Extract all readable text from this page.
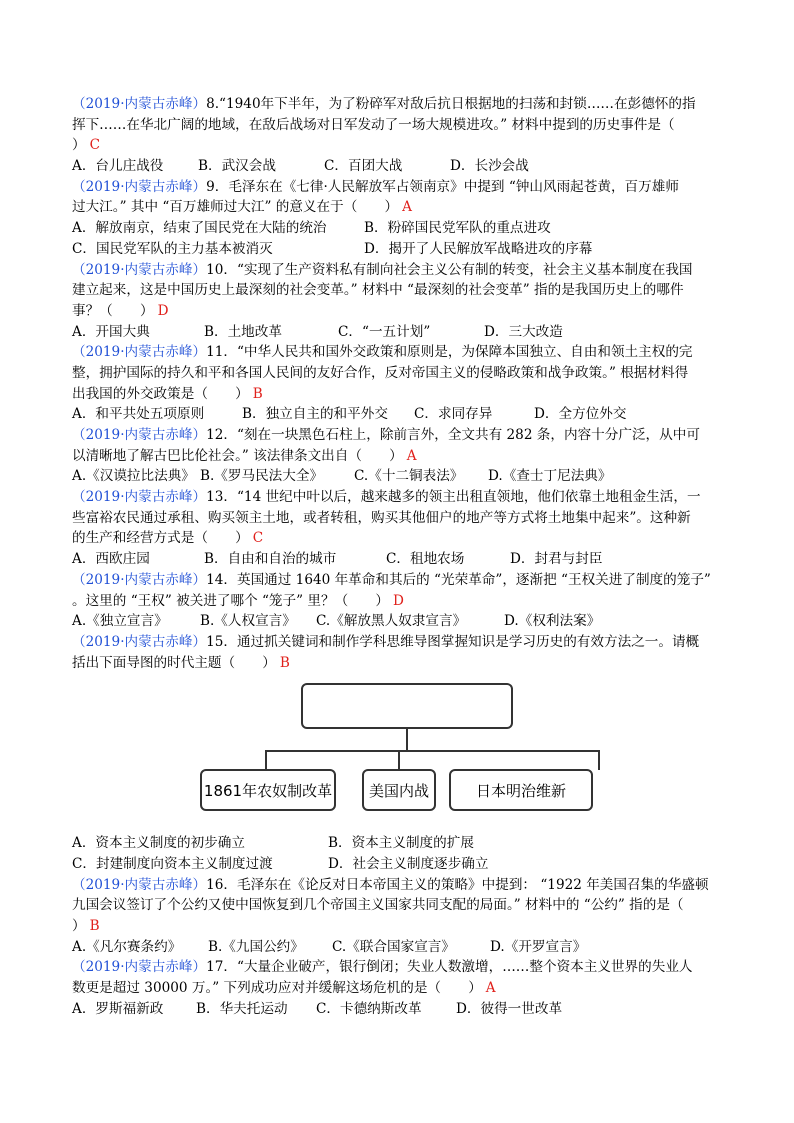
（2019·内蒙古赤峰）8.“1940年下半年，为了粉碎军对敌后抗日根据地的扫荡和封锁……在彭德怀的指
挥下……在华北广阔的地域，在敌后战场对日军发动了一场大规模进攻。” 材料中提到的历史事件是（
） C
A．台儿庄战役	B．武汉会战	C．百团大战	D．长沙会战
（2019·内蒙古赤峰）9．毛泽东在《七律·人民解放军占领南京》中提到 “钟山风雨起苍黄，百万雄师
过大江。” 其中 “百万雄师过大江” 的意义在于（　　） A
A．解放南京，结束了国民党在大陆的统治	B．粉碎国民党军队的重点进攻
C．国民党军队的主力基本被消灭	D．揭开了人民解放军战略进攻的序幕
（2019·内蒙古赤峰）10．“实现了生产资料私有制向社会主义公有制的转变，社会主义基本制度在我国
建立起来，这是中国历史上最深刻的社会变革。” 材料中 “最深刻的社会变革” 指的是我国历史上的哪件
事？（　　） D
A．开国大典	B．土地改革	C．“一五计划”	D．三大改造
（2019·内蒙古赤峰）11．“中华人民共和国外交政策和原则是，为保障本国独立、自由和领土主权的完
整，拥护国际的持久和平和各国人民间的友好合作，反对帝国主义的侵略政策和战争政策。” 根据材料得
出我国的外交政策是（　　） B
A．和平共处五项原则	B．独立自主的和平外交	C．求同存异	D．全方位外交
（2019·内蒙古赤峰）12．“刻在一块黑色石柱上，除前言外，全文共有 282 条，内容十分广泛，从中可
以清晰地了解古巴比伦社会。” 该法律条文出自（　　） A
A.《汉谟拉比法典》 B.《罗马民法大全》	C.《十二铜表法》	D.《查士丁尼法典》
（2019·内蒙古赤峰）13．“14 世纪中叶以后，越来越多的领主出租直领地，他们依靠土地租金生活，一
些富裕农民通过承租、购买领主土地，或者转租，购买其他佃户的地产等方式将土地集中起来”。这种新
的生产和经营方式是（　　） C
A．西欧庄园	B．自由和自治的城市	C．租地农场	D．封君与封臣
（2019·内蒙古赤峰）14．英国通过 1640 年革命和其后的 “光荣革命”，逐渐把 “王权关进了制度的笼子”
。这里的 “王权” 被关进了哪个 “笼子” 里？（　　） D
A.《独立宣言》	B.《人权宣言》	C.《解放黑人奴隶宣言》	D.《权利法案》
（2019·内蒙古赤峰）15．通过抓关键词和制作学科思维导图掌握知识是学习历史的有效方法之一。请概
括出下面导图的时代主题（　　） B
1861年农奴制改革	美国内战	日本明治维新
A．资本主义制度的初步确立	B．资本主义制度的扩展
C．封建制度向资本主义制度过渡	D．社会主义制度逐步确立
（2019·内蒙古赤峰）16．毛泽东在《论反对日本帝国主义的策略》中提到： “1922 年美国召集的华盛顿
九国会议签订了个公约又使中国恢复到几个帝国主义国家共同支配的局面。” 材料中的 “公约” 指的是（
） B
A.《凡尔赛条约》	B.《九国公约》	C.《联合国家宣言》	D.《开罗宣言》
（2019·内蒙古赤峰）17．“大量企业破产，银行倒闭；失业人数激增，……整个资本主义世界的失业人
数更是超过 30000 万。” 下列成功应对并缓解这场危机的是（　　） A
A．罗斯福新政	B．华夫托运动	C．卡德纳斯改革	D．彼得一世改革
